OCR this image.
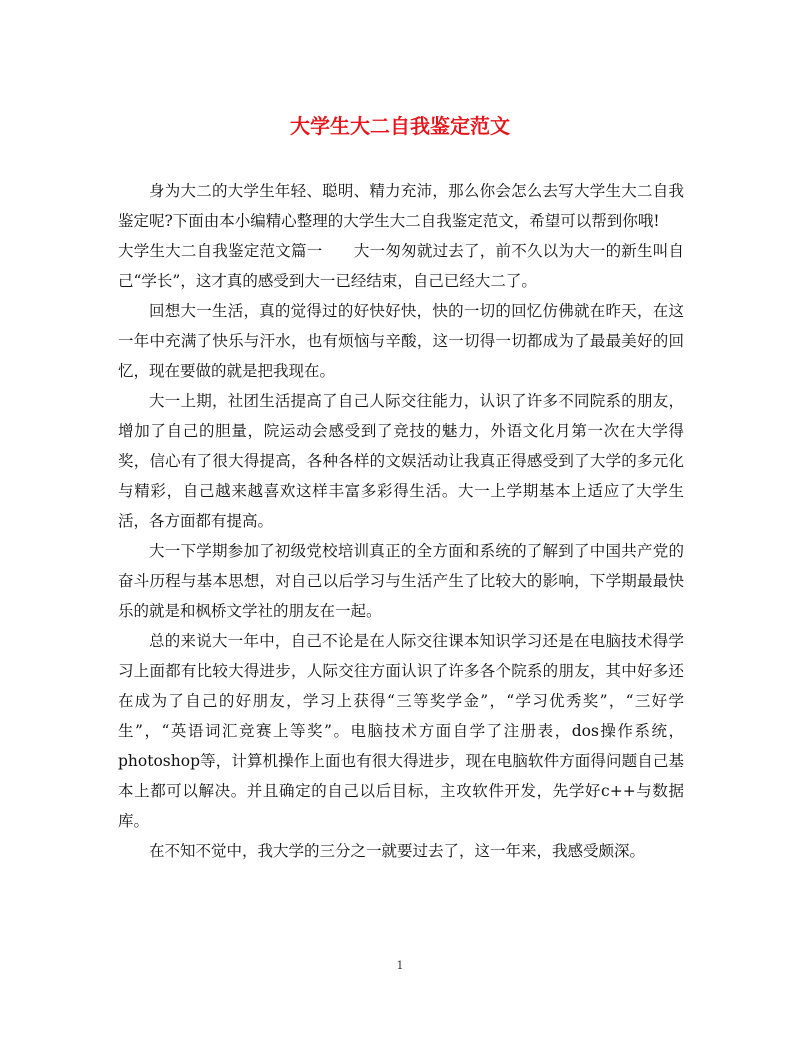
大学生大二自我鉴定范文

身为大二的大学生年轻、聪明、精力充沛，那么你会怎么去写大学生大二自我鉴定呢?下面由本小编精心整理的大学生大二自我鉴定范文，希望可以帮到你哦!

大学生大二自我鉴定范文篇一　　大一匆匆就过去了，前不久以为大一的新生叫自己“学长”，这才真的感受到大一已经结束，自己已经大二了。

回想大一生活，真的觉得过的好快好快，快的一切的回忆仿佛就在昨天，在这一年中充满了快乐与汗水，也有烦恼与辛酸，这一切得一切都成为了最最美好的回忆，现在要做的就是把我现在。

大一上期，社团生活提高了自己人际交往能力，认识了许多不同院系的朋友，增加了自己的胆量，院运动会感受到了竞技的魅力，外语文化月第一次在大学得奖，信心有了很大得提高，各种各样的文娱活动让我真正得感受到了大学的多元化与精彩，自己越来越喜欢这样丰富多彩得生活。大一上学期基本上适应了大学生活，各方面都有提高。

大一下学期参加了初级党校培训真正的全方面和系统的了解到了中国共产党的奋斗历程与基本思想，对自己以后学习与生活产生了比较大的影响，下学期最最快乐的就是和枫桥文学社的朋友在一起。

总的来说大一年中，自己不论是在人际交往课本知识学习还是在电脑技术得学习上面都有比较大得进步，人际交往方面认识了许多各个院系的朋友，其中好多还在成为了自己的好朋友，学习上获得“三等奖学金”，“学习优秀奖”，“三好学生”，“英语词汇竞赛上等奖”。电脑技术方面自学了注册表，dos操作系统，photoshop等，计算机操作上面也有很大得进步，现在电脑软件方面得问题自己基本上都可以解决。并且确定的自己以后目标，主攻软件开发，先学好c++与数据库。

在不知不觉中，我大学的三分之一就要过去了，这一年来，我感受颇深。

1
